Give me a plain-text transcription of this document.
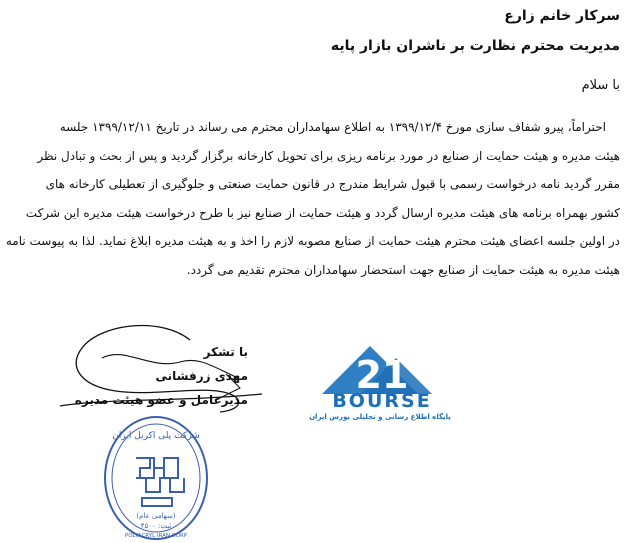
سرکار خانم زارع
مدیریت محترم نظارت بر ناشران بازار پایه
با سلام

احتراماً، پیرو شفاف سازی مورخ ۱۳۹۹/۱۲/۴ به اطلاع سهامداران محترم می رساند در تاریخ ۱۳۹۹/۱۲/۱۱ جلسه

هیئت مدیره و هیئت حمایت از صنایع در مورد برنامه ریزی برای تحویل کارخانه برگزار گردید و پس از بحث و تبادل نظر

مقرر گردید نامه درخواست رسمی با قبول شرایط مندرج در قانون حمایت صنعتی و جلوگیری از تعطیلی کارخانه های

کشور بهمراه برنامه های هیئت مدیره ارسال گردد و هیئت حمایت از صنایع نیز با طرح درخواست هیئت مدیره این شرکت

در اولین جلسه اعضای هیئت محترم هیئت حمایت از صنایع مصوبه لازم را اخذ و به هیئت مدیره ابلاغ نماید. لذا به پیوست نامه

هیئت مدیره به هیئت حمایت از صنایع جهت استحضار سهامداران محترم تقدیم می گردد.

با تشکر
مهدی زرفشانی
مدیرعامل و عضو هیئت مدیره
شرکت پلی اکریل ایران
(سهامی عام)
ثبت: ۴۵۰۰
POLYACRYL IRAN CORP
21
BOURSE
پایگاه اطلاع رسانی و تحلیلی بورس ایران
